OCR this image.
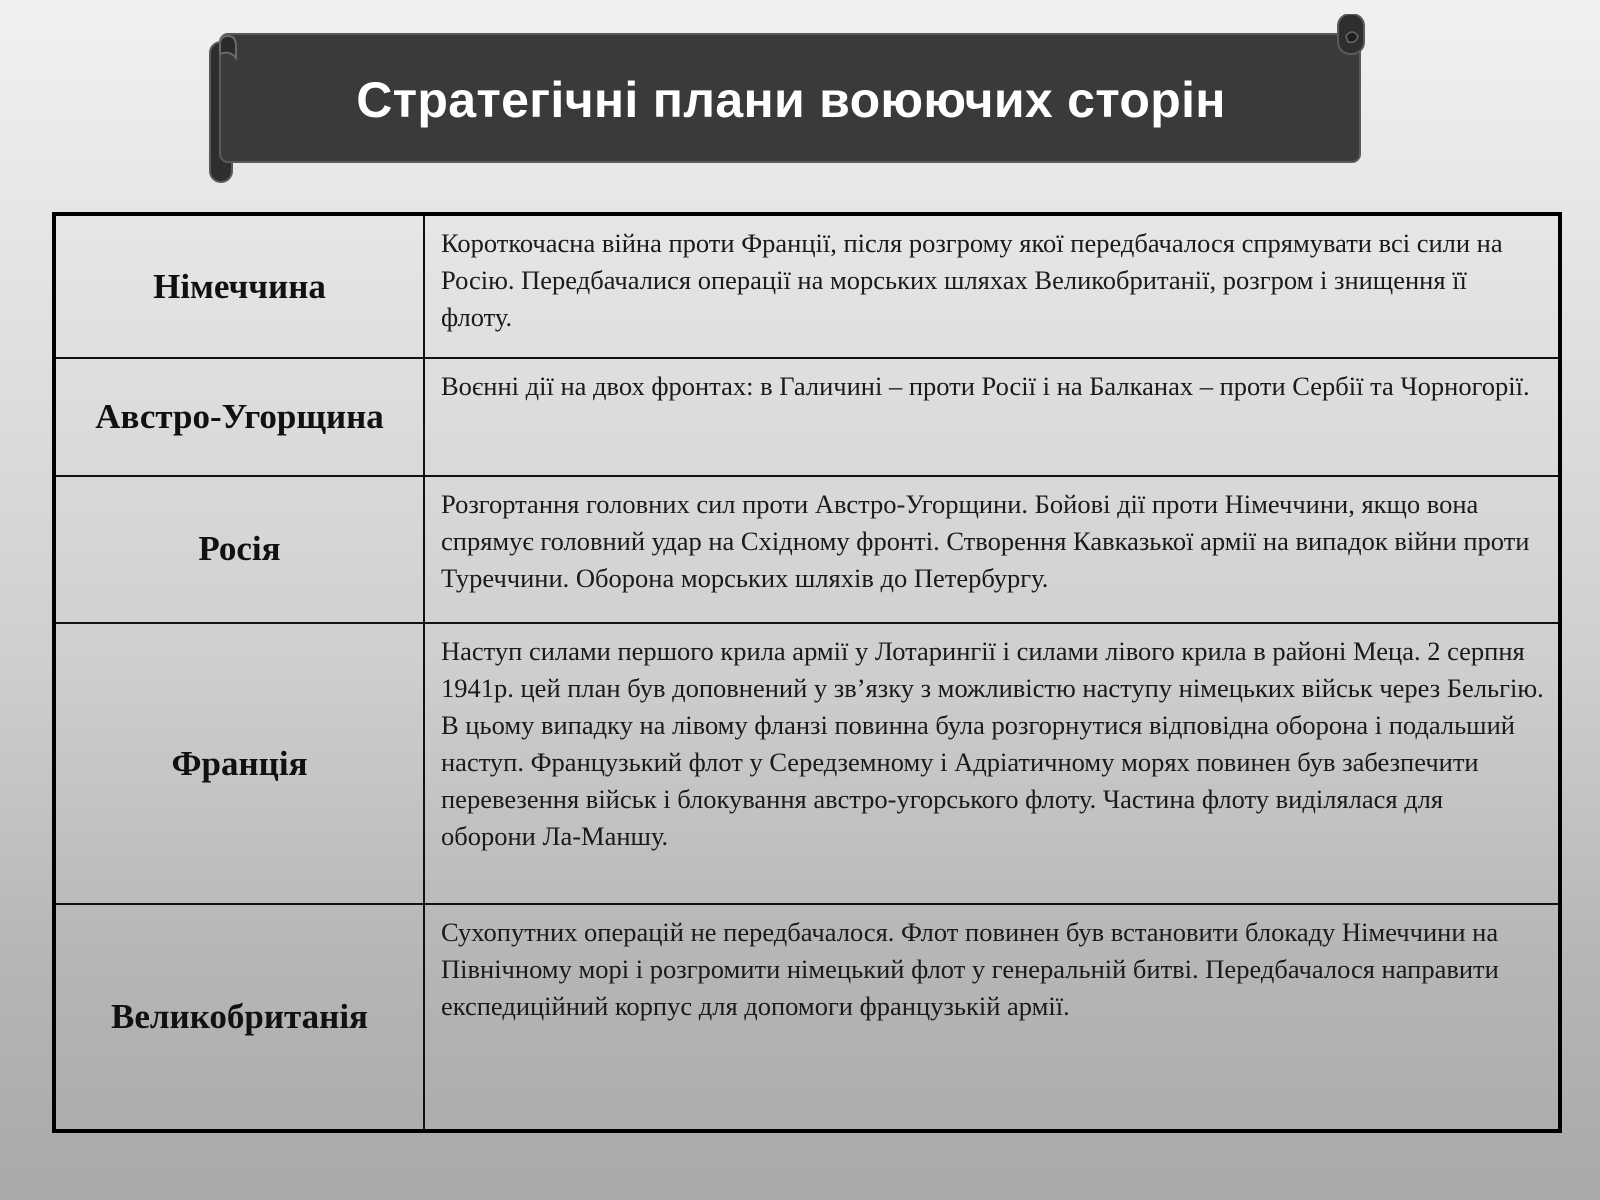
Стратегічні плани воюючих сторін
Німеччина	Короткочасна війна проти Франції, після розгрому якої передбачалося спрямувати всі сили на Росію. Передбачалися операції на морських шляхах Великобританії, розгром і знищення її флоту.
Австро-Угорщина	Воєнні дії на двох фронтах: в Галичині – проти Росії і на Балканах – проти Сербії та Чорногорії.
Росія	Розгортання головних сил проти Австро-Угорщини. Бойові дії проти Німеччини, якщо вона спрямує головний удар на Східному фронті. Створення Кавказької армії на випадок війни проти Туреччини. Оборона морських шляхів до Петербургу.
Франція	Наступ силами першого крила армії у Лотарингії і силами лівого крила в районі Меца. 2 серпня 1941р. цей план був доповнений у зв’язку з можливістю наступу німецьких військ через Бельгію. В цьому випадку на лівому фланзі повинна була розгорнутися відповідна оборона і подальший наступ. Французький флот у Середземному і Адріатичному морях повинен був забезпечити перевезення військ і блокування австро-угорського флоту. Частина флоту виділялася для оборони Ла-Маншу.
Великобританія	Сухопутних операцій не передбачалося. Флот повинен був встановити блокаду Німеччини на Північному морі і розгромити німецький флот у генеральній битві. Передбачалося направити експедиційний корпус для допомоги французькій армії.
